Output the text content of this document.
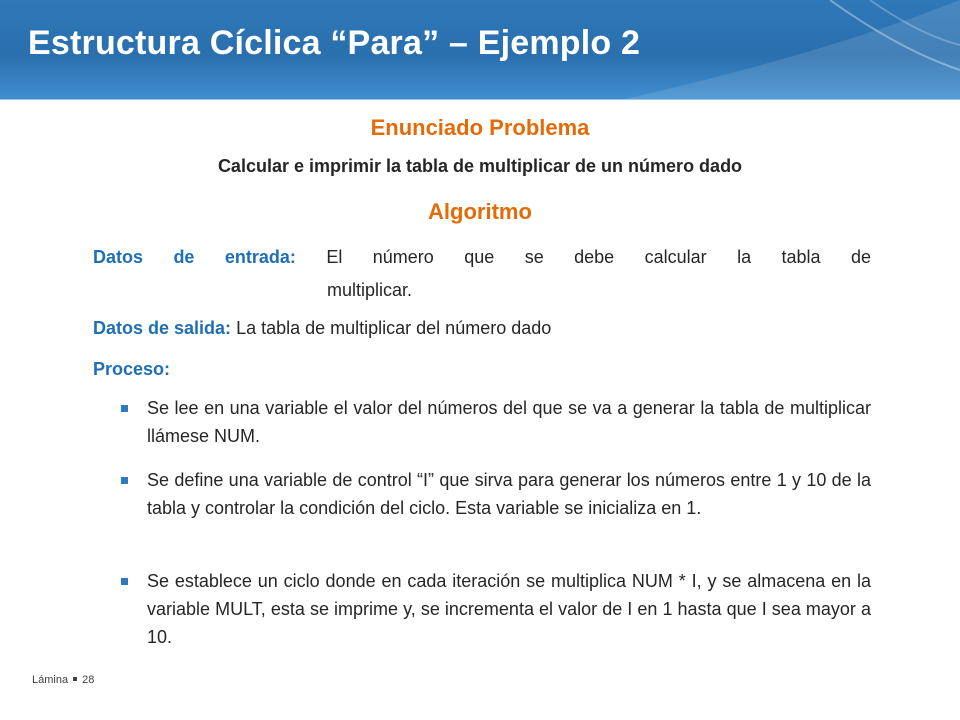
Estructura Cíclica “Para” – Ejemplo 2
Enunciado Problema
Calcular e imprimir la tabla de multiplicar de un número dado
Algoritmo
Datos de entrada: El número que se debe calcular la tabla de
multiplicar.
Datos de salida: La tabla de multiplicar del número dado
Proceso:
Se lee en una variable el valor del números del que se va a generar la tabla de multiplicar llámese NUM.
Se define una variable de control “I” que sirva para generar los números entre 1 y 10 de la tabla y controlar la condición del ciclo. Esta variable se inicializa en 1.
Se establece un ciclo donde en cada iteración se multiplica NUM * I, y se almacena en la variable MULT, esta se imprime y, se incrementa el valor de I en 1 hasta que I sea mayor a 10.
Lámina 28
